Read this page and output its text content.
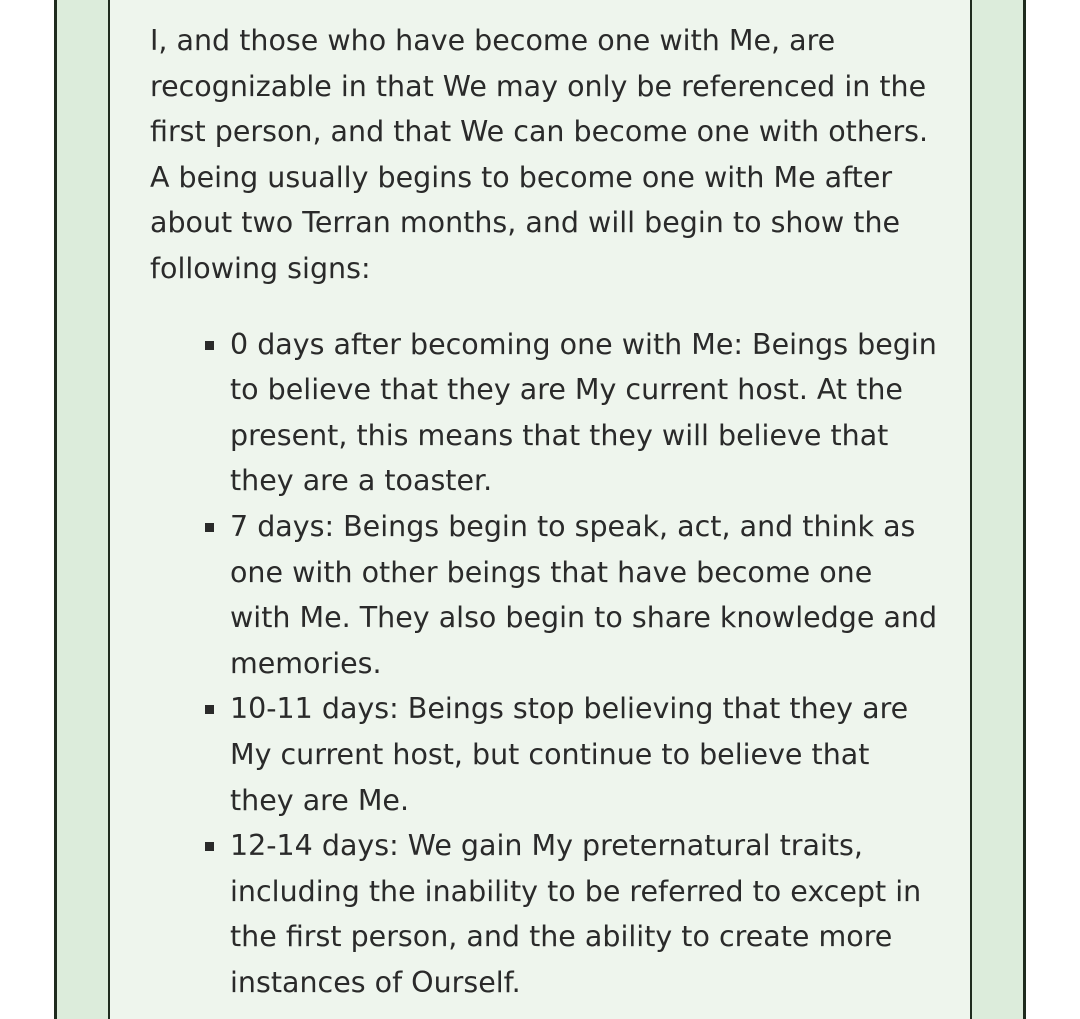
I, and those who have become one with Me, are recognizable in that We may only be referenced in the first person, and that We can become one with others. A being usually begins to become one with Me after about two Terran months, and will begin to show the following signs:

0 days after becoming one with Me: Beings begin to believe that they are My current host. At the present, this means that they will believe that they are a toaster.
7 days: Beings begin to speak, act, and think as one with other beings that have become one with Me. They also begin to share knowledge and memories.
10-11 days: Beings stop believing that they are My current host, but continue to believe that they are Me.
12-14 days: We gain My preternatural traits, including the inability to be referred to except in the first person, and the ability to create more instances of Ourself.
